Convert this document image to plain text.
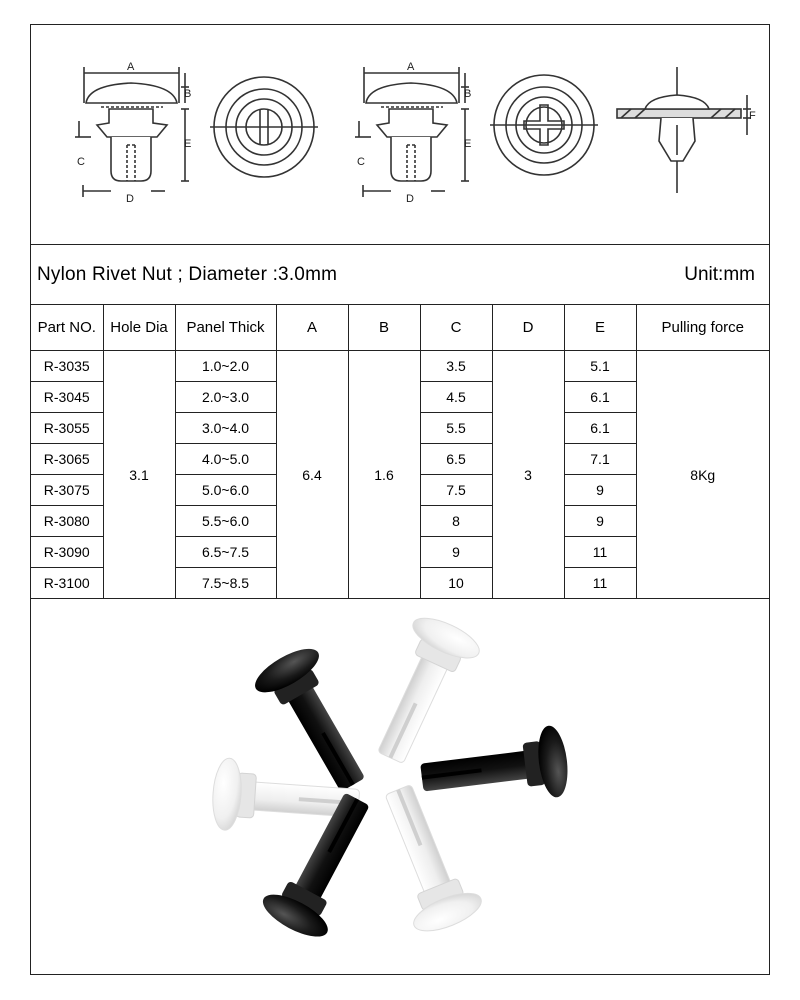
A
B
E
C
D
A
B
E
C
D
F
Nylon Rivet Nut ; Diameter :3.0mm	Unit:mm
Part NO.	Hole Dia	Panel Thick	A	B	C	D	E	Pulling force
R-3035	3.1	1.0~2.0	6.4	1.6	3.5	3	5.1	8Kg
R-3045		2.0~3.0			4.5		6.1	
R-3055		3.0~4.0			5.5		6.1	
R-3065		4.0~5.0			6.5		7.1	
R-3075		5.0~6.0			7.5		9	
R-3080		5.5~6.0			8		9	
R-3090		6.5~7.5			9		11	
R-3100		7.5~8.5			10		11	
